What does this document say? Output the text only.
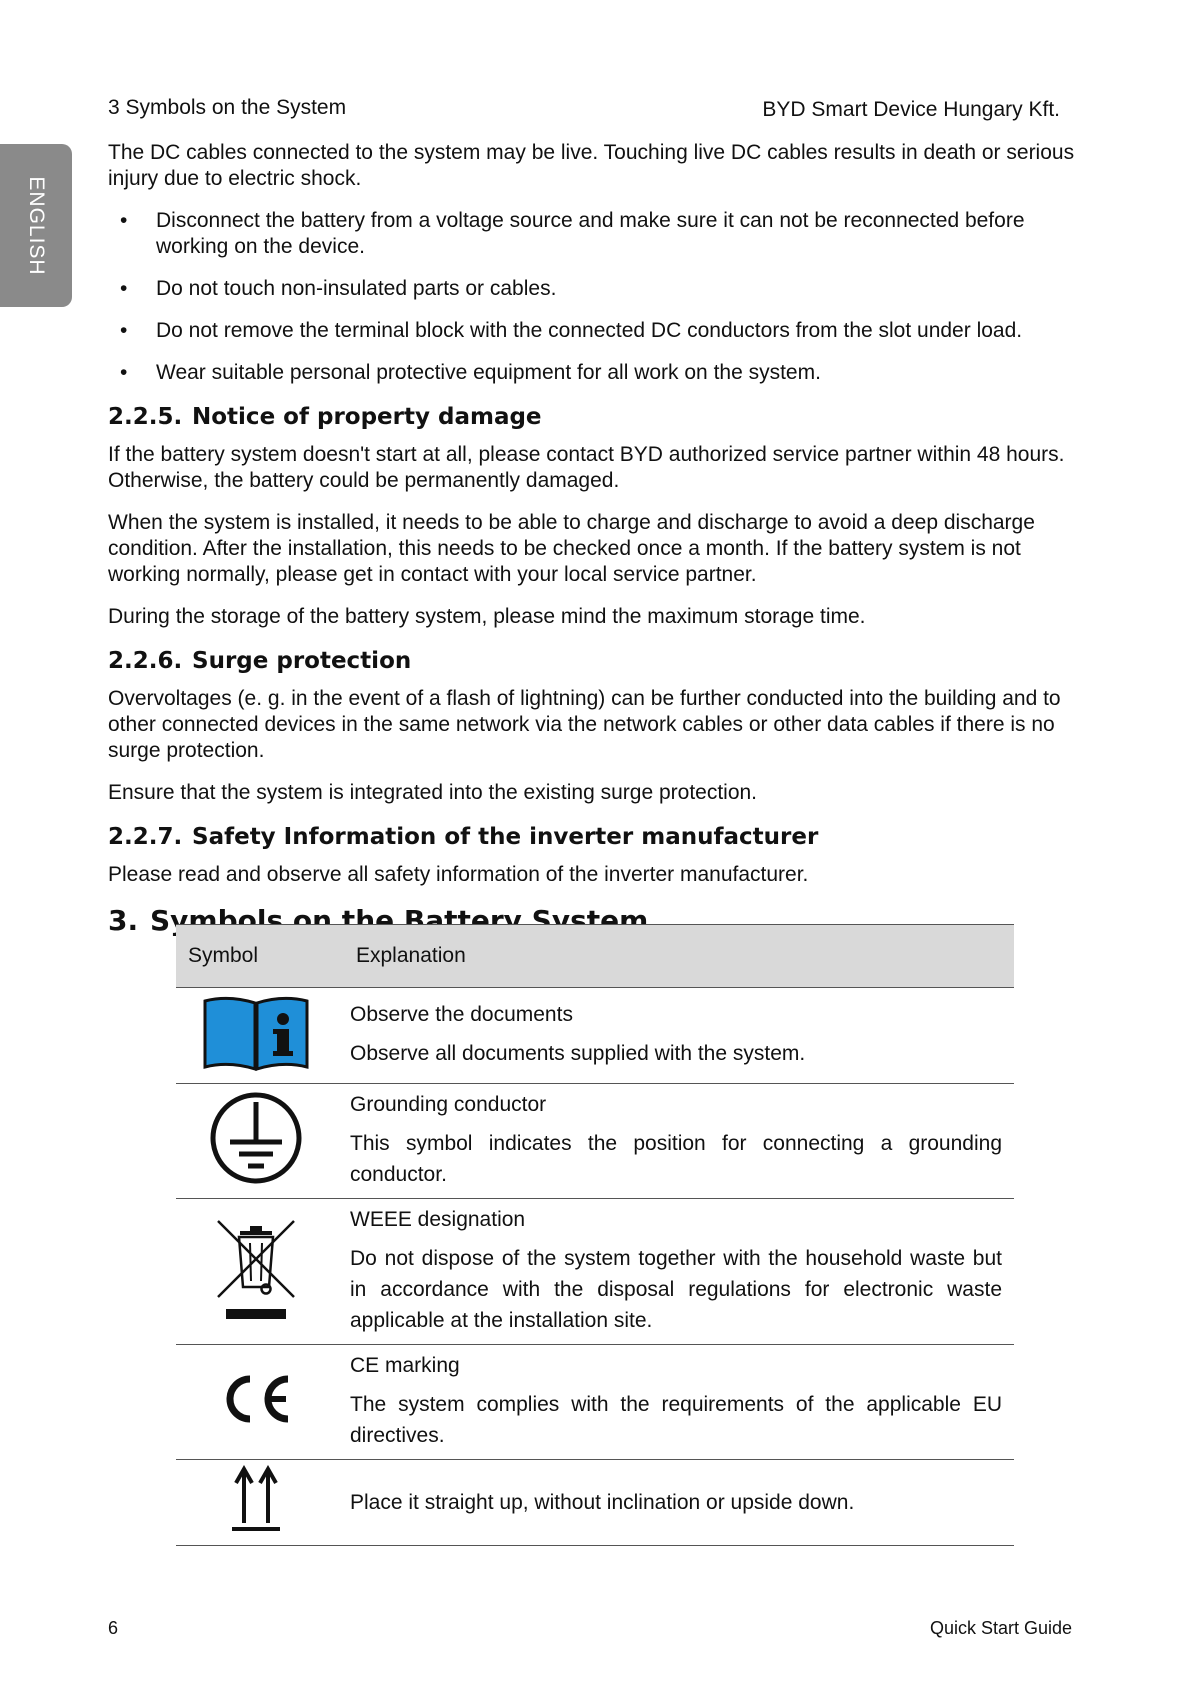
ENGLISH
3 Symbols on the System	BYD Smart Device Hungary Kft.

The DC cables connected to the system may be live. Touching live DC cables results in death or serious injury due to electric shock.

• Disconnect the battery from a voltage source and make sure it can not be reconnected before working on the device.
• Do not touch non-insulated parts or cables.
• Do not remove the terminal block with the connected DC conductors from the slot under load.
• Wear suitable personal protective equipment for all work on the system.
2.2.5. Notice of property damage

If the battery system doesn't start at all, please contact BYD authorized service partner within 48 hours. Otherwise, the battery could be permanently damaged.

When the system is installed, it needs to be able to charge and discharge to avoid a deep discharge condition. After the installation, this needs to be checked once a month. If the battery system is not working normally, please get in contact with your local service partner.

During the storage of the battery system, please mind the maximum storage time.

2.2.6. Surge protection

Overvoltages (e. g. in the event of a flash of lightning) can be further conducted into the building and to other connected devices in the same network via the network cables or other data cables if there is no surge protection.

Ensure that the system is integrated into the existing surge protection.

2.2.7. Safety Information of the inverter manufacturer

Please read and observe all safety information of the inverter manufacturer.

3. Symbols on the Battery System
Symbol	Explanation

Observe the documents
Observe all documents supplied with the system.

Grounding conductor
This symbol indicates the position for connecting a grounding conductor.

WEEE designation
Do not dispose of the system together with the household waste but in accordance with the disposal regulations for electronic waste applicable at the installation site.

CE marking
The system complies with the requirements of the applicable EU directives.

Place it straight up, without inclination or upside down.
6	Quick Start Guide
